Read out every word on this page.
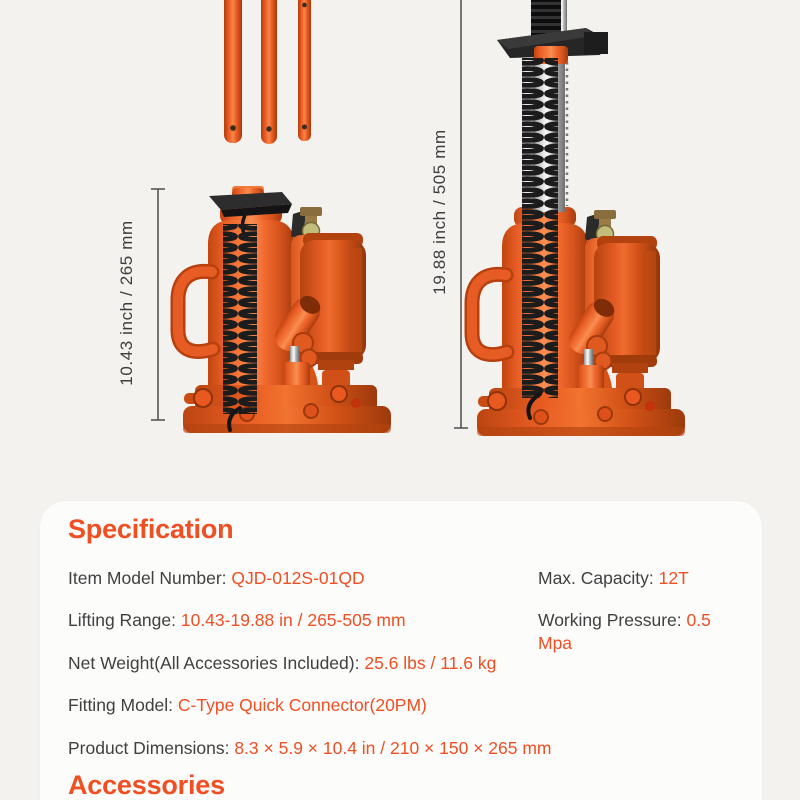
10.43 inch / 265 mm
19.88 inch / 505 mm
Specification
Item Model Number: QJD-012S-01QD	Max. Capacity: 12T
Lifting Range: 10.43-19.88 in / 265-505 mm	Working Pressure: 0.5 Mpa
Net Weight(All Accessories Included): 25.6 lbs / 11.6 kg
Fitting Model: C-Type Quick Connector(20PM)
Product Dimensions: 8.3 × 5.9 × 10.4 in / 210 × 150 × 265 mm
Accessories
